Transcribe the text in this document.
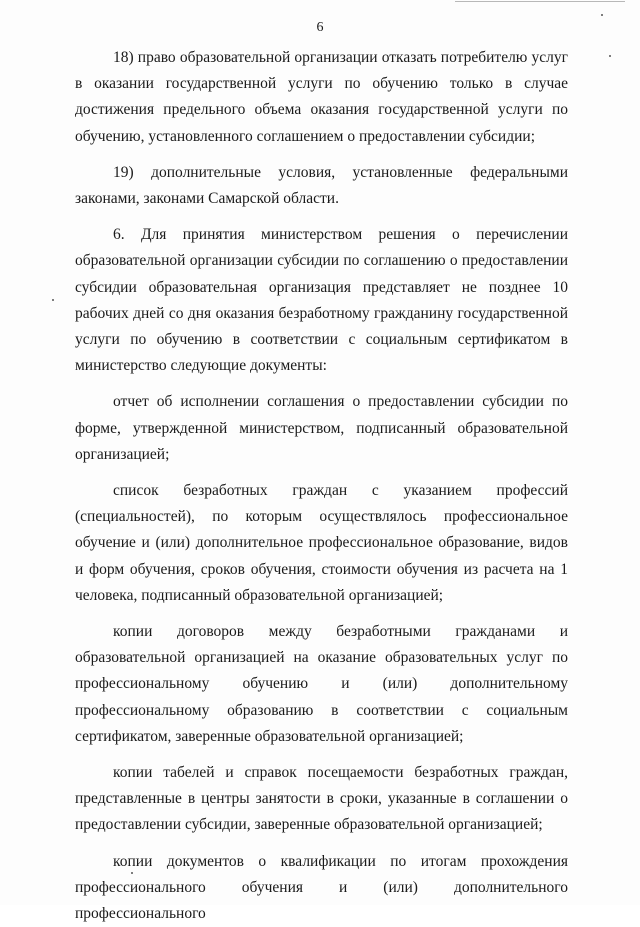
6

18) право образовательной организации отказать потребителю услуг в оказании государственной услуги по обучению только в случае достижения предельного объема оказания государственной услуги по обучению, установленного соглашением о предоставлении субсидии;

19) дополнительные условия, установленные федеральными законами, законами Самарской области.

6. Для принятия министерством решения о перечислении образовательной организации субсидии по соглашению о предоставлении субсидии образовательная организация представляет не позднее 10 рабочих дней со дня оказания безработному гражданину государственной услуги по обучению в соответствии с социальным сертификатом в министерство следующие документы:

отчет об исполнении соглашения о предоставлении субсидии по форме, утвержденной министерством, подписанный образовательной организацией;

список безработных граждан с указанием профессий (специальностей), по которым осуществлялось профессиональное обучение и (или) дополнительное профессиональное образование, видов и форм обучения, сроков обучения, стоимости обучения из расчета на 1 человека, подписанный образовательной организацией;

копии договоров между безработными гражданами и образовательной организацией на оказание образовательных услуг по профессиональному обучению и (или) дополнительному профессиональному образованию в соответствии с социальным сертификатом, заверенные образовательной организацией;

копии табелей и справок посещаемости безработных граждан, представленные в центры занятости в сроки, указанные в соглашении о предоставлении субсидии, заверенные образовательной организацией;

копии документов о квалификации по итогам прохождения профессионального обучения и (или) дополнительного профессионального
